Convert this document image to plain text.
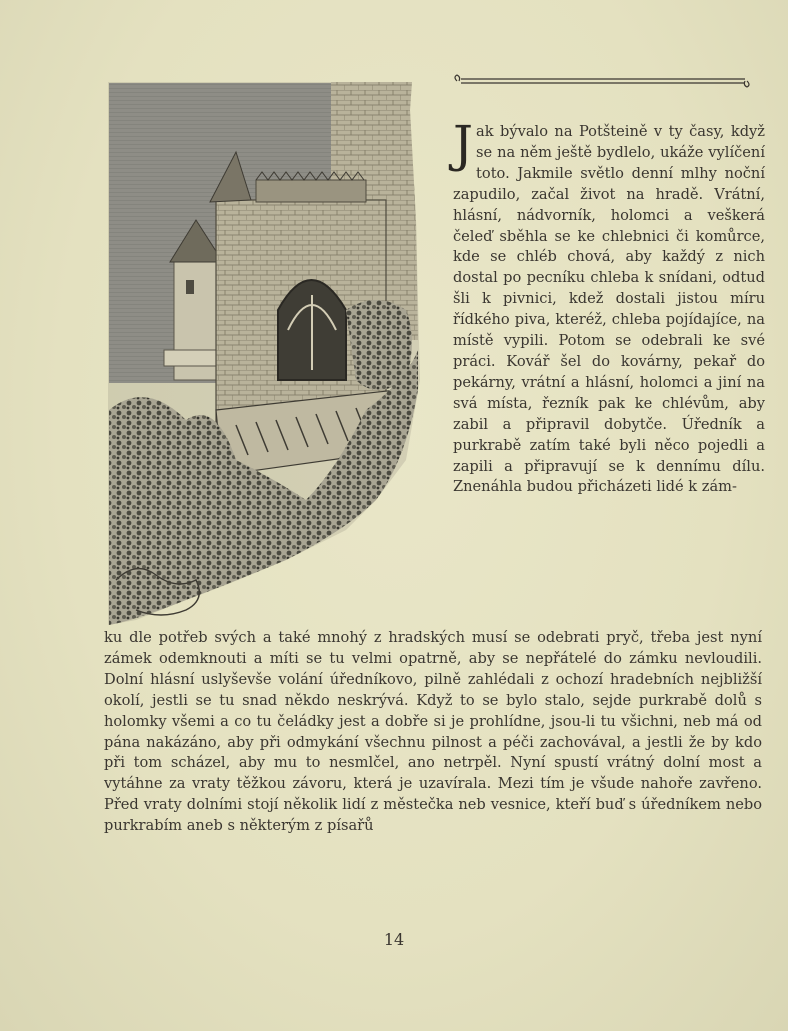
Jak bývalo na Potšteině v ty časy, když se na něm ještě bydlelo, ukáže vylíčení toto. Jakmile světlo denní mlhy noční zapudilo, začal život na hradě. Vrátní, hlásní, nádvorník, holomci a veškerá čeleď sběhla se ke chlebnici či komůrce, kde se chléb chová, aby každý z nich dostal po pecníku chleba k snídani, odtud šli k pivnici, kdež dostali jistou míru řídkého piva, kteréž, chleba pojídajíce, na místě vypili. Potom se odebrali ke své práci. Kovář šel do kovárny, pekař do pekárny, vrátní a hlásní, holomci a jiní na svá místa, řezník pak ke chlévům, aby zabil a připravil dobytče. Úředník a purkrabě zatím také byli něco pojedli a zapili a připravují se k dennímu dílu. Znenáhla budou přicházeti lidé k zám-
ku dle potřeb svých a také mnohý z hradských musí se odebrati pryč, třeba jest nyní zámek odemknouti a míti se tu velmi opatrně, aby se nepřátelé do zámku nevloudili. Dolní hlásní uslyševše volání úředníkovo, pilně zahlédali z ochozí hradebních nejbližší okolí, jestli se tu snad někdo neskrývá. Když to se bylo stalo, sejde purkrabě dolů s holomky všemi a co tu čeládky jest a dobře si je prohlídne, jsou-li tu všichni, neb má od pána nakázáno, aby při odmykání všechnu pilnost a péči zachovával, a jestli že by kdo při tom scházel, aby mu to nesmlčel, ano netrpěl. Nyní spustí vrátný dolní most a vytáhne za vraty těžkou závoru, která je uzavírala. Mezi tím je všude nahoře zavřeno. Před vraty dolními stojí několik lidí z městečka neb vesnice, kteří buď s úředníkem nebo purkrabím aneb s některým z písařů
14
